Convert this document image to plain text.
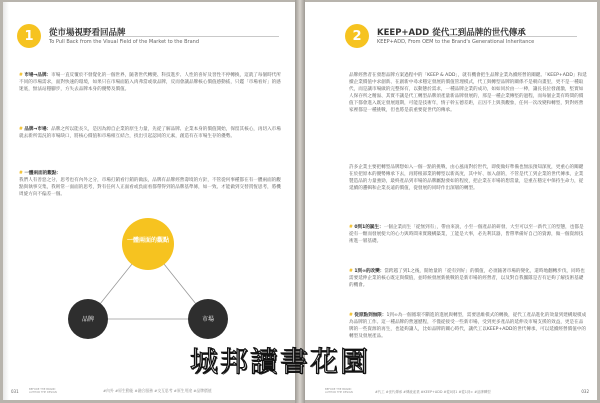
1	從市場視野看回品牌
To Pull Back from the Visual Field of the Market to the Brand

# 市場→品牌：市場一直反覆於不發覺化的一個世界，隨著世代轉變、科技進步、人性的喜好及習性不停轉換，這就了每個時代所不同的市場需求，面對快速的環境，如果只在市場面陷入肉弗當或欲品牌，反而會讓品牌核心價值感動搖，只鑑「市場看好」的感迷底，無法站穩腳步，方失去品牌本身的優勢及價值。

# 品牌→市場：品牌之所以能長久，是因為源自企業的原生力量，先從了解品牌、企業本身的價值開始，保留其核心，再切入市場就去新所需況的市場缺口，將核心價值和市場相互結合，找出引起認同的元素，創造有在市場生存的優勢。

# 一體兩面的觀點：

我們人有善惡之分，思考也有內外之分，市場打銷看行銷的做法，品牌有品牌經營壽境的方針，不管從何事種都在有一體兩面的觀點與執事交集，我則常一面面的思考，對有任何人正面看或負面看都帶得到的品牌基準條，如一致、才能做到交替貫恆思考，將機周旋方向不偏差一個。

一體兩面的觀點
品牌	市場
031	BEFORE THE BRAND AUTHOR THE DESIGN	#內外 #原生動能 #融合服務 #交互思考 #原生用途 #品牌價值
2	KEEP+ADD 從代工到品牌的世代傳承
KEEP+ADD, From OEM to the Brand's Generational Inheritance

品牌經營者在發想品牌方案過程中的「KEEP & ADD」，就有機會把生品牌企業為續經營的關鍵。「KEEP+ADD」和延續企業價值中求創新、在創新中尋求穩定發展的價值管理模式，代工與轉型品牌的關係不是朝向畫里，更不是一種取代，而是讓市場做的完整保有，以動態於需求，一種品牌企業的成功，如如同於由一一棒，讓長長位發創激，堅實如人保存所之精溢、其實不讓是代工轉型品牌須產量新品牌發展的，那是一種企業傳堅的過程，而每個企業有時間的價值下都會進入既定發展週期，可能是技術年，情子幹五德差距，正因不上與我觀象，任何一次改變和轉型，對對經營家裡都是一種挑戰，但也將是前重要從世代的傳承。

許多企業主要把轉型品牌想如入一個一點的挑戰，由心風雨對於世代，即使做好準備也無法預知深度，更重心的關鍵在於把原本的優勢傳承下去，再將根部業的轉型以新高度，其中好、加入創的，不管是代工到企業的世代傳承，企業製造品的力量強勁，最終產品到市場的品牌屬點發如的程度，把企業在市場的想當量，是重在穩定中保持生命力，從延續的邏輯和企業長遠的價值，從發展的同時作出深層的轉型。

# 0到1的誕生：一個企業而生「從無到有」，帶由來說，小至一個產品的研發，大至可以至一新代工的型態，也都是從有一顆而發展使大的心力與時間來實踐構築業，工能是大事，必先利其器，皆帶準備好自己的資源，做一個資源技術進一層基礎。

# 1到∞的改變：當跨越了到1之後，開始量的「從有到好」的價值，必須隨著市場的變化，還時地翻轉步伐，同時也需要延伸企業的核心既定與價值，並時候發展新挑戰的是新市場的經營者，以及對自我團隊是否有足夠了解技術基礎的機會。

# 從原點到無限：1到∞為一個循環不斷進的進展與轉型，需要思維模式的轉換，從代工產品進化的效量到建構規模成為品牌的工作。這一種品牌的營運歷程，不僅從接受一些新市場，受到更多產品的延伸及市場支援的效益，更是在品牌的一些資源的再生，也能夠讓人，比如品牌的關心時代，讓代工以KEEP+ADD的世代傳承，可以延續經營價值中的轉型及發展產品。

BEFORE THE BRAND AUTHOR THE DESIGN	#代工 #世代傳承 #傳統產業 #KEEP+ADD #從0到1 #從1到∞ #品牌轉型	032
城邦讀書花園
